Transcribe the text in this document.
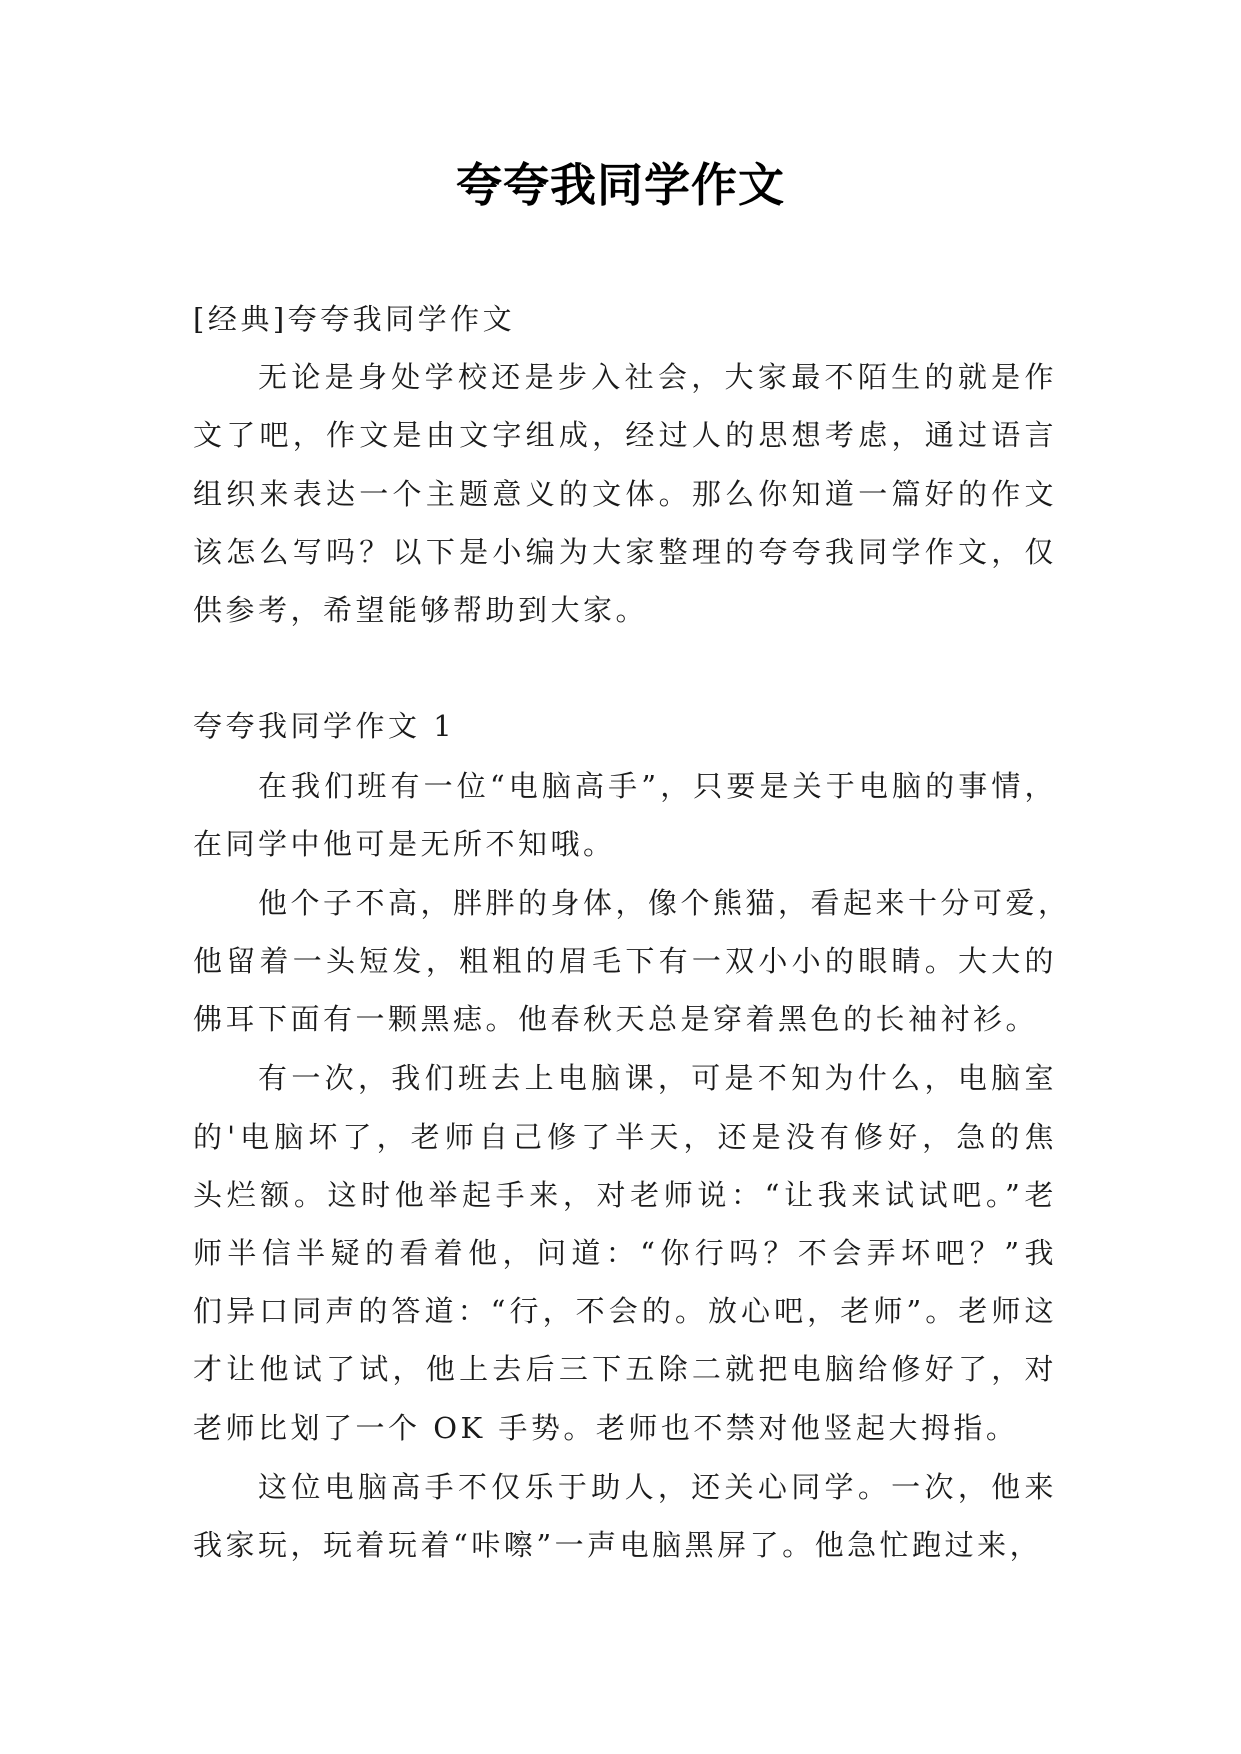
夸夸我同学作文
[经典]夸夸我同学作文
无论是身处学校还是步入社会，大家最不陌生的就是作
文了吧，作文是由文字组成，经过人的思想考虑，通过语言
组织来表达一个主题意义的文体。那么你知道一篇好的作文
该怎么写吗？以下是小编为大家整理的夸夸我同学作文，仅
供参考，希望能够帮助到大家。
夸夸我同学作文 1
在我们班有一位“电脑高手”，只要是关于电脑的事情，
在同学中他可是无所不知哦。
他个子不高，胖胖的身体，像个熊猫，看起来十分可爱，
他留着一头短发，粗粗的眉毛下有一双小小的眼睛。大大的
佛耳下面有一颗黑痣。他春秋天总是穿着黑色的长袖衬衫。
有一次，我们班去上电脑课，可是不知为什么，电脑室
的'电脑坏了，老师自己修了半天，还是没有修好，急的焦
头烂额。这时他举起手来，对老师说：“让我来试试吧。”老
师半信半疑的看着他，问道：“你行吗？不会弄坏吧？”我
们异口同声的答道：“行，不会的。放心吧，老师”。老师这
才让他试了试，他上去后三下五除二就把电脑给修好了，对
老师比划了一个 OK 手势。老师也不禁对他竖起大拇指。
这位电脑高手不仅乐于助人，还关心同学。一次，他来
我家玩，玩着玩着“咔嚓”一声电脑黑屏了。他急忙跑过来，
